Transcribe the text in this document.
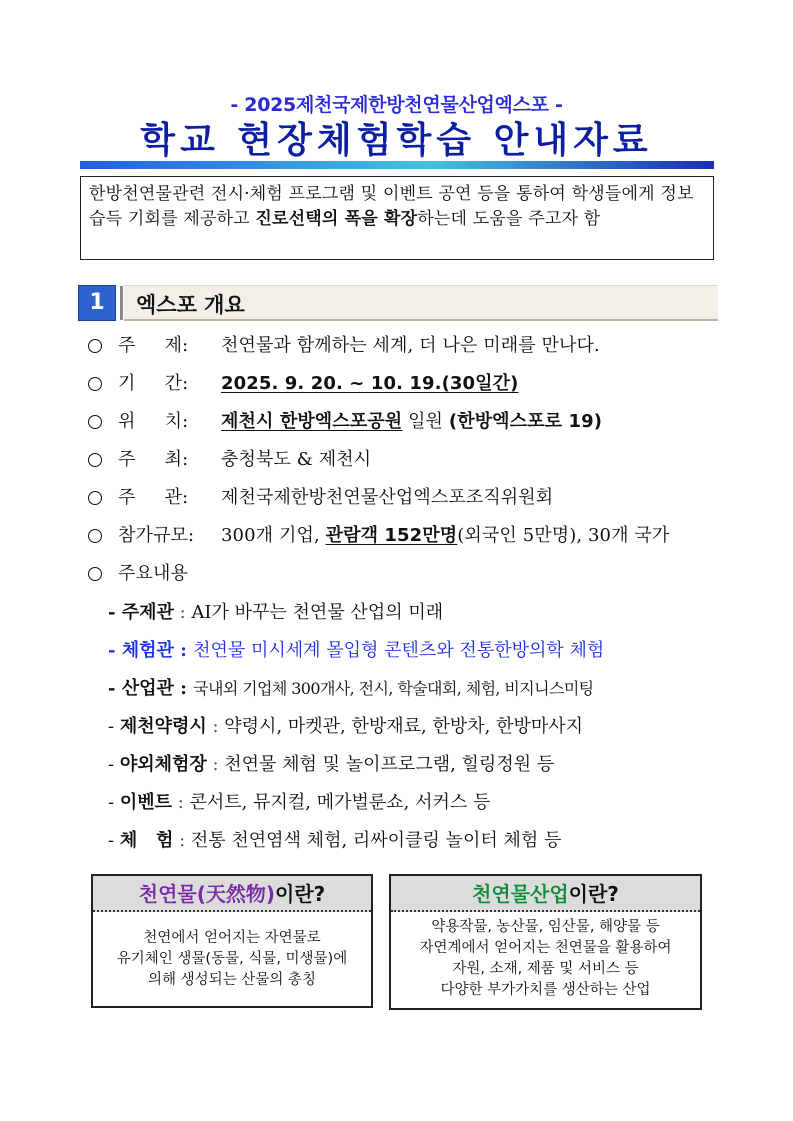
- 2025제천국제한방천연물산업엑스포 -
학교 현장체험학습 안내자료
한방천연물관련 전시·체험 프로그램 및 이벤트 공연 등을 통하여 학생들에게 정보습득 기회를 제공하고 진로선택의 폭을 확장하는데 도움을 주고자 함
1	엑스포 개요
주     제: 천연물과 함께하는 세계, 더 나은 미래를 만나다.
기     간: 2025. 9. 20. ~ 10. 19.(30일간)
위     치: 제천시 한방엑스포공원 일원 (한방엑스포로 19)
주     최: 충청북도 & 제천시
주     관: 제천국제한방천연물산업엑스포조직위원회
참가규모: 300개 기업, 관람객 152만명(외국인 5만명), 30개 국가
주요내용
- 주제관 : AI가 바꾸는 천연물 산업의 미래
- 체험관 : 천연물 미시세계 몰입형 콘텐츠와 전통한방의학 체험
- 산업관 : 국내외 기업체 300개사, 전시, 학술대회, 체험, 비지니스미팅
- 제천약령시 : 약령시, 마켓관, 한방재료, 한방차, 한방마사지
- 야외체험장 : 천연물 체험 및 놀이프로그램, 힐링정원 등
- 이벤트 : 콘서트, 뮤지컬, 메가벌룬쇼, 서커스 등
- 체   험 : 전통 천연염색 체험, 리싸이클링 놀이터 체험 등
천연물(天然物)이란?
천연에서 얻어지는 자연물로
유기체인 생물(동물, 식물, 미생물)에
의해 생성되는 산물의 총칭
천연물산업이란?
약용작물, 농산물, 임산물, 해양물 등
자연계에서 얻어지는 천연물을 활용하여
자원, 소재, 제품 및 서비스 등
다양한 부가가치를 생산하는 산업
